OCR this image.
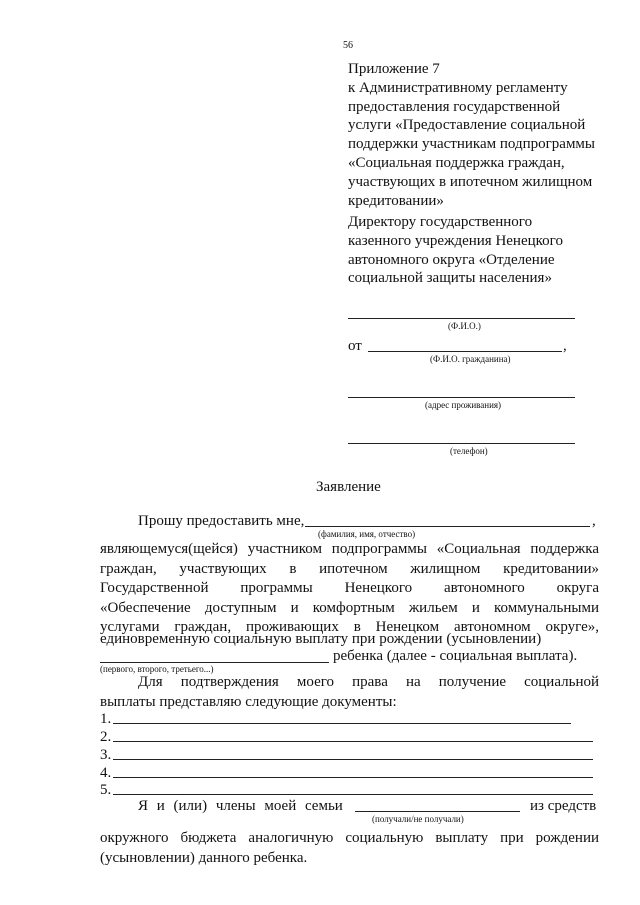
56
Приложение 7
к Административному регламенту
предоставления государственной
услуги «Предоставление социальной
поддержки участникам подпрограммы
«Социальная поддержка граждан,
участвующих в ипотечном жилищном
кредитовании»
Директору государственного
казенного учреждения Ненецкого
автономного округа «Отделение
социальной защиты населения»
(Ф.И.О.)
от	,
(Ф.И.О. гражданина)
(адрес проживания)
(телефон)
Заявление
Прошу предоставить мне,	,
(фамилия, имя, отчество)
являющемуся(щейся) участником подпрограммы «Социальная поддержка
граждан, участвующих в ипотечном жилищном кредитовании»
Государственной программы Ненецкого автономного округа
«Обеспечение доступным и комфортным жильем и коммунальными
услугами граждан, проживающих в Ненецком автономном округе»,
единовременную социальную выплату при рождении (усыновлении)
ребенка (далее - социальная выплата).
(первого, второго, третьего...)
Для подтверждения моего права на получение социальной
выплаты представляю следующие документы:
1.
2.
3.
4.
5.
Я и (или) члены моей семьи	из средств
(получали/не получали)
окружного бюджета аналогичную социальную выплату при рождении
(усыновлении) данного ребенка.
